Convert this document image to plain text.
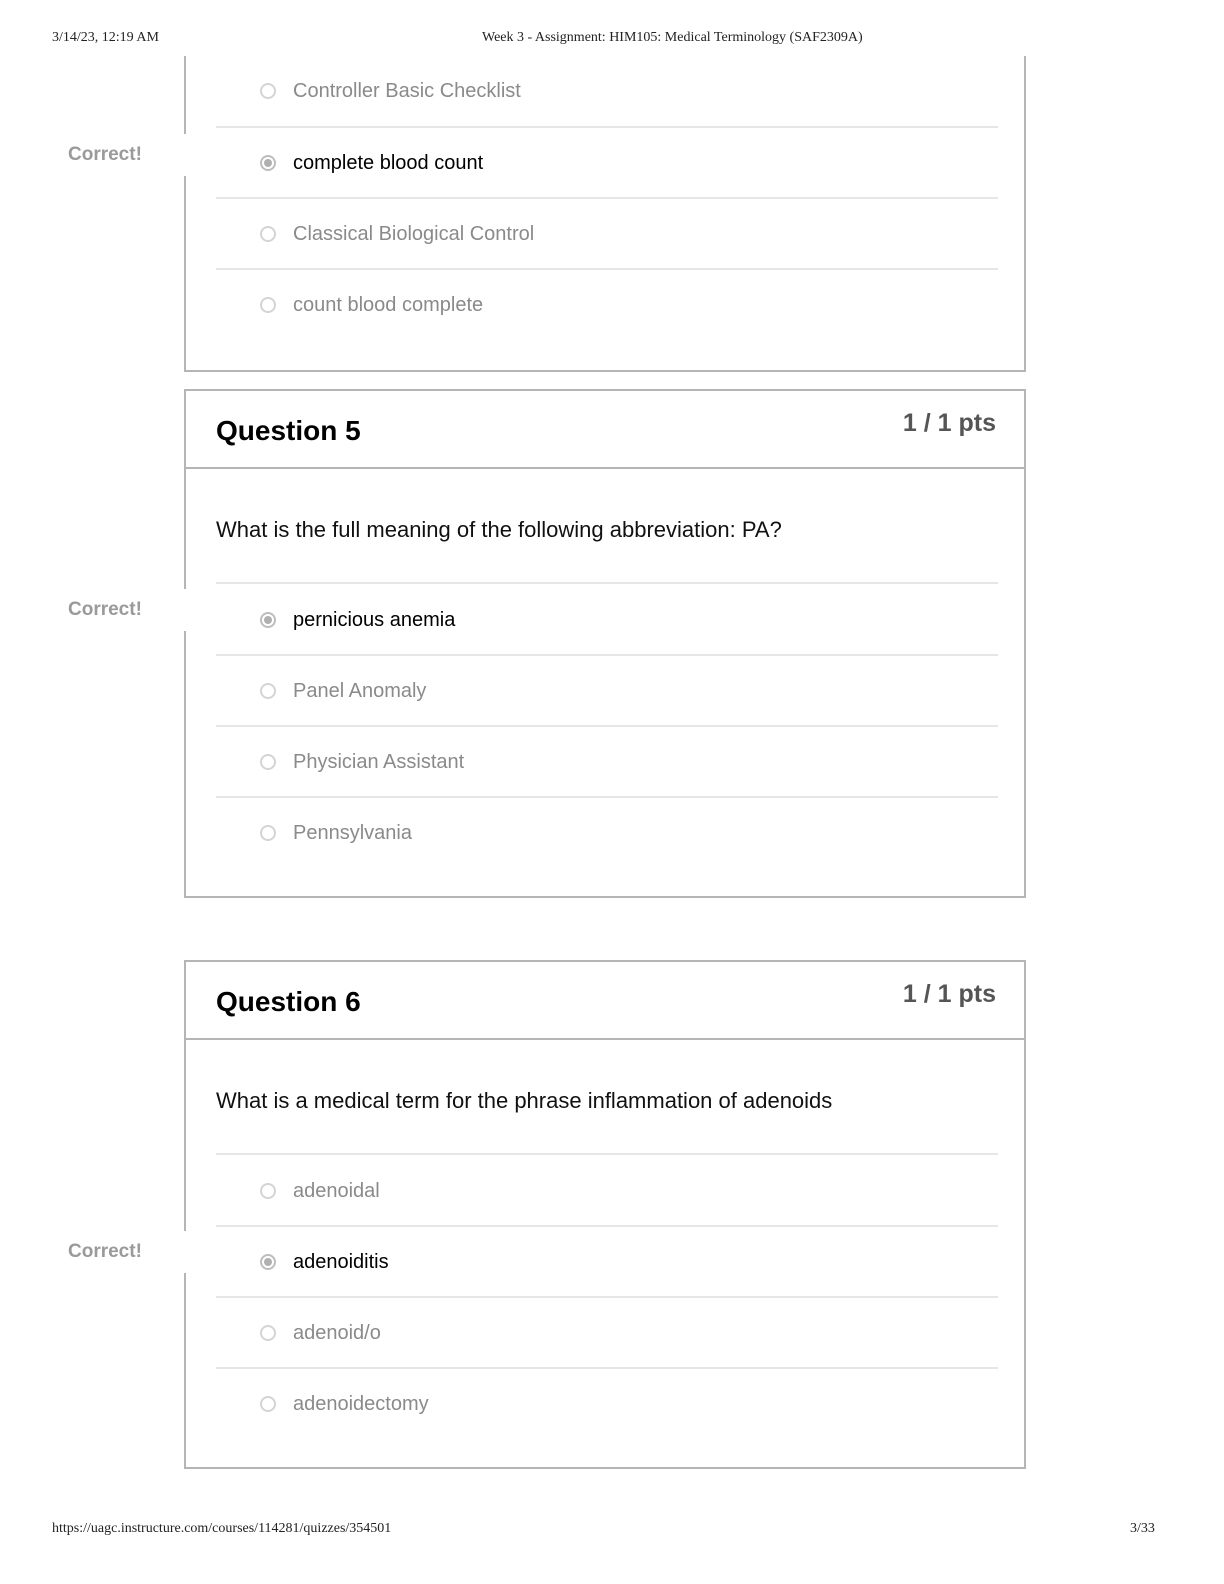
3/14/23, 12:19 AM	Week 3 - Assignment: HIM105: Medical Terminology (SAF2309A)
Controller Basic Checklist
complete blood count
Classical Biological Control
count blood complete
Correct!
Question 5	1 / 1 pts
What is the full meaning of the following abbreviation: PA?
pernicious anemia
Panel Anomaly
Physician Assistant
Pennsylvania
Correct!
Question 6	1 / 1 pts
What is a medical term for the phrase inflammation of adenoids
adenoidal
adenoiditis
adenoid/o
adenoidectomy
Correct!
https://uagc.instructure.com/courses/114281/quizzes/354501	3/33
